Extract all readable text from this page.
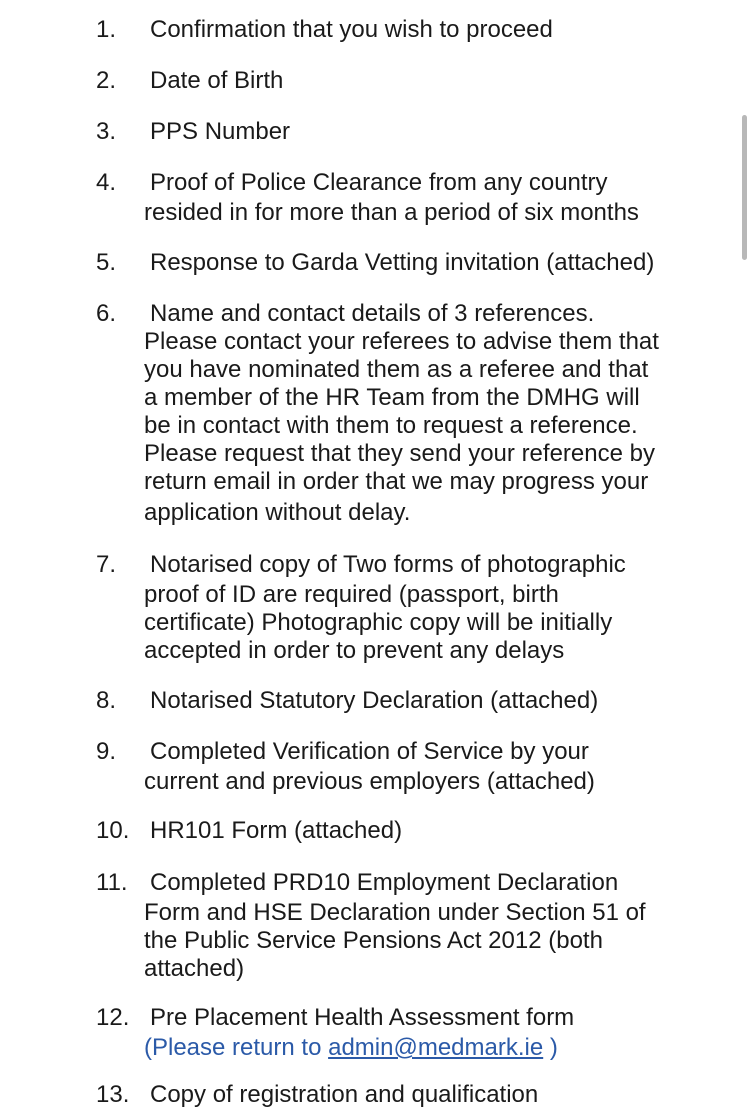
1.	Confirmation that you wish to proceed
2.	Date of Birth
3.	PPS Number
4.	Proof of Police Clearance from any country
resided in for more than a period of six months
5.	Response to Garda Vetting invitation (attached)
6.	Name and contact details of 3 references.
Please contact your referees to advise them that
you have nominated them as a referee and that
a member of the HR Team from the DMHG will
be in contact with them to request a reference.
Please request that they send your reference by
return email in order that we may progress your
application without delay.
7.	Notarised copy of Two forms of photographic
proof of ID are required (passport, birth
certificate) Photographic copy will be initially
accepted in order to prevent any delays
8.	Notarised Statutory Declaration (attached)
9.	Completed Verification of Service by your
current and previous employers (attached)
10. HR101 Form (attached)
11. Completed PRD10 Employment Declaration
Form and HSE Declaration under Section 51 of
the Public Service Pensions Act 2012 (both
attached)
12. Pre Placement Health Assessment form
(Please return to admin@medmark.ie )
13. Copy of registration and qualification
